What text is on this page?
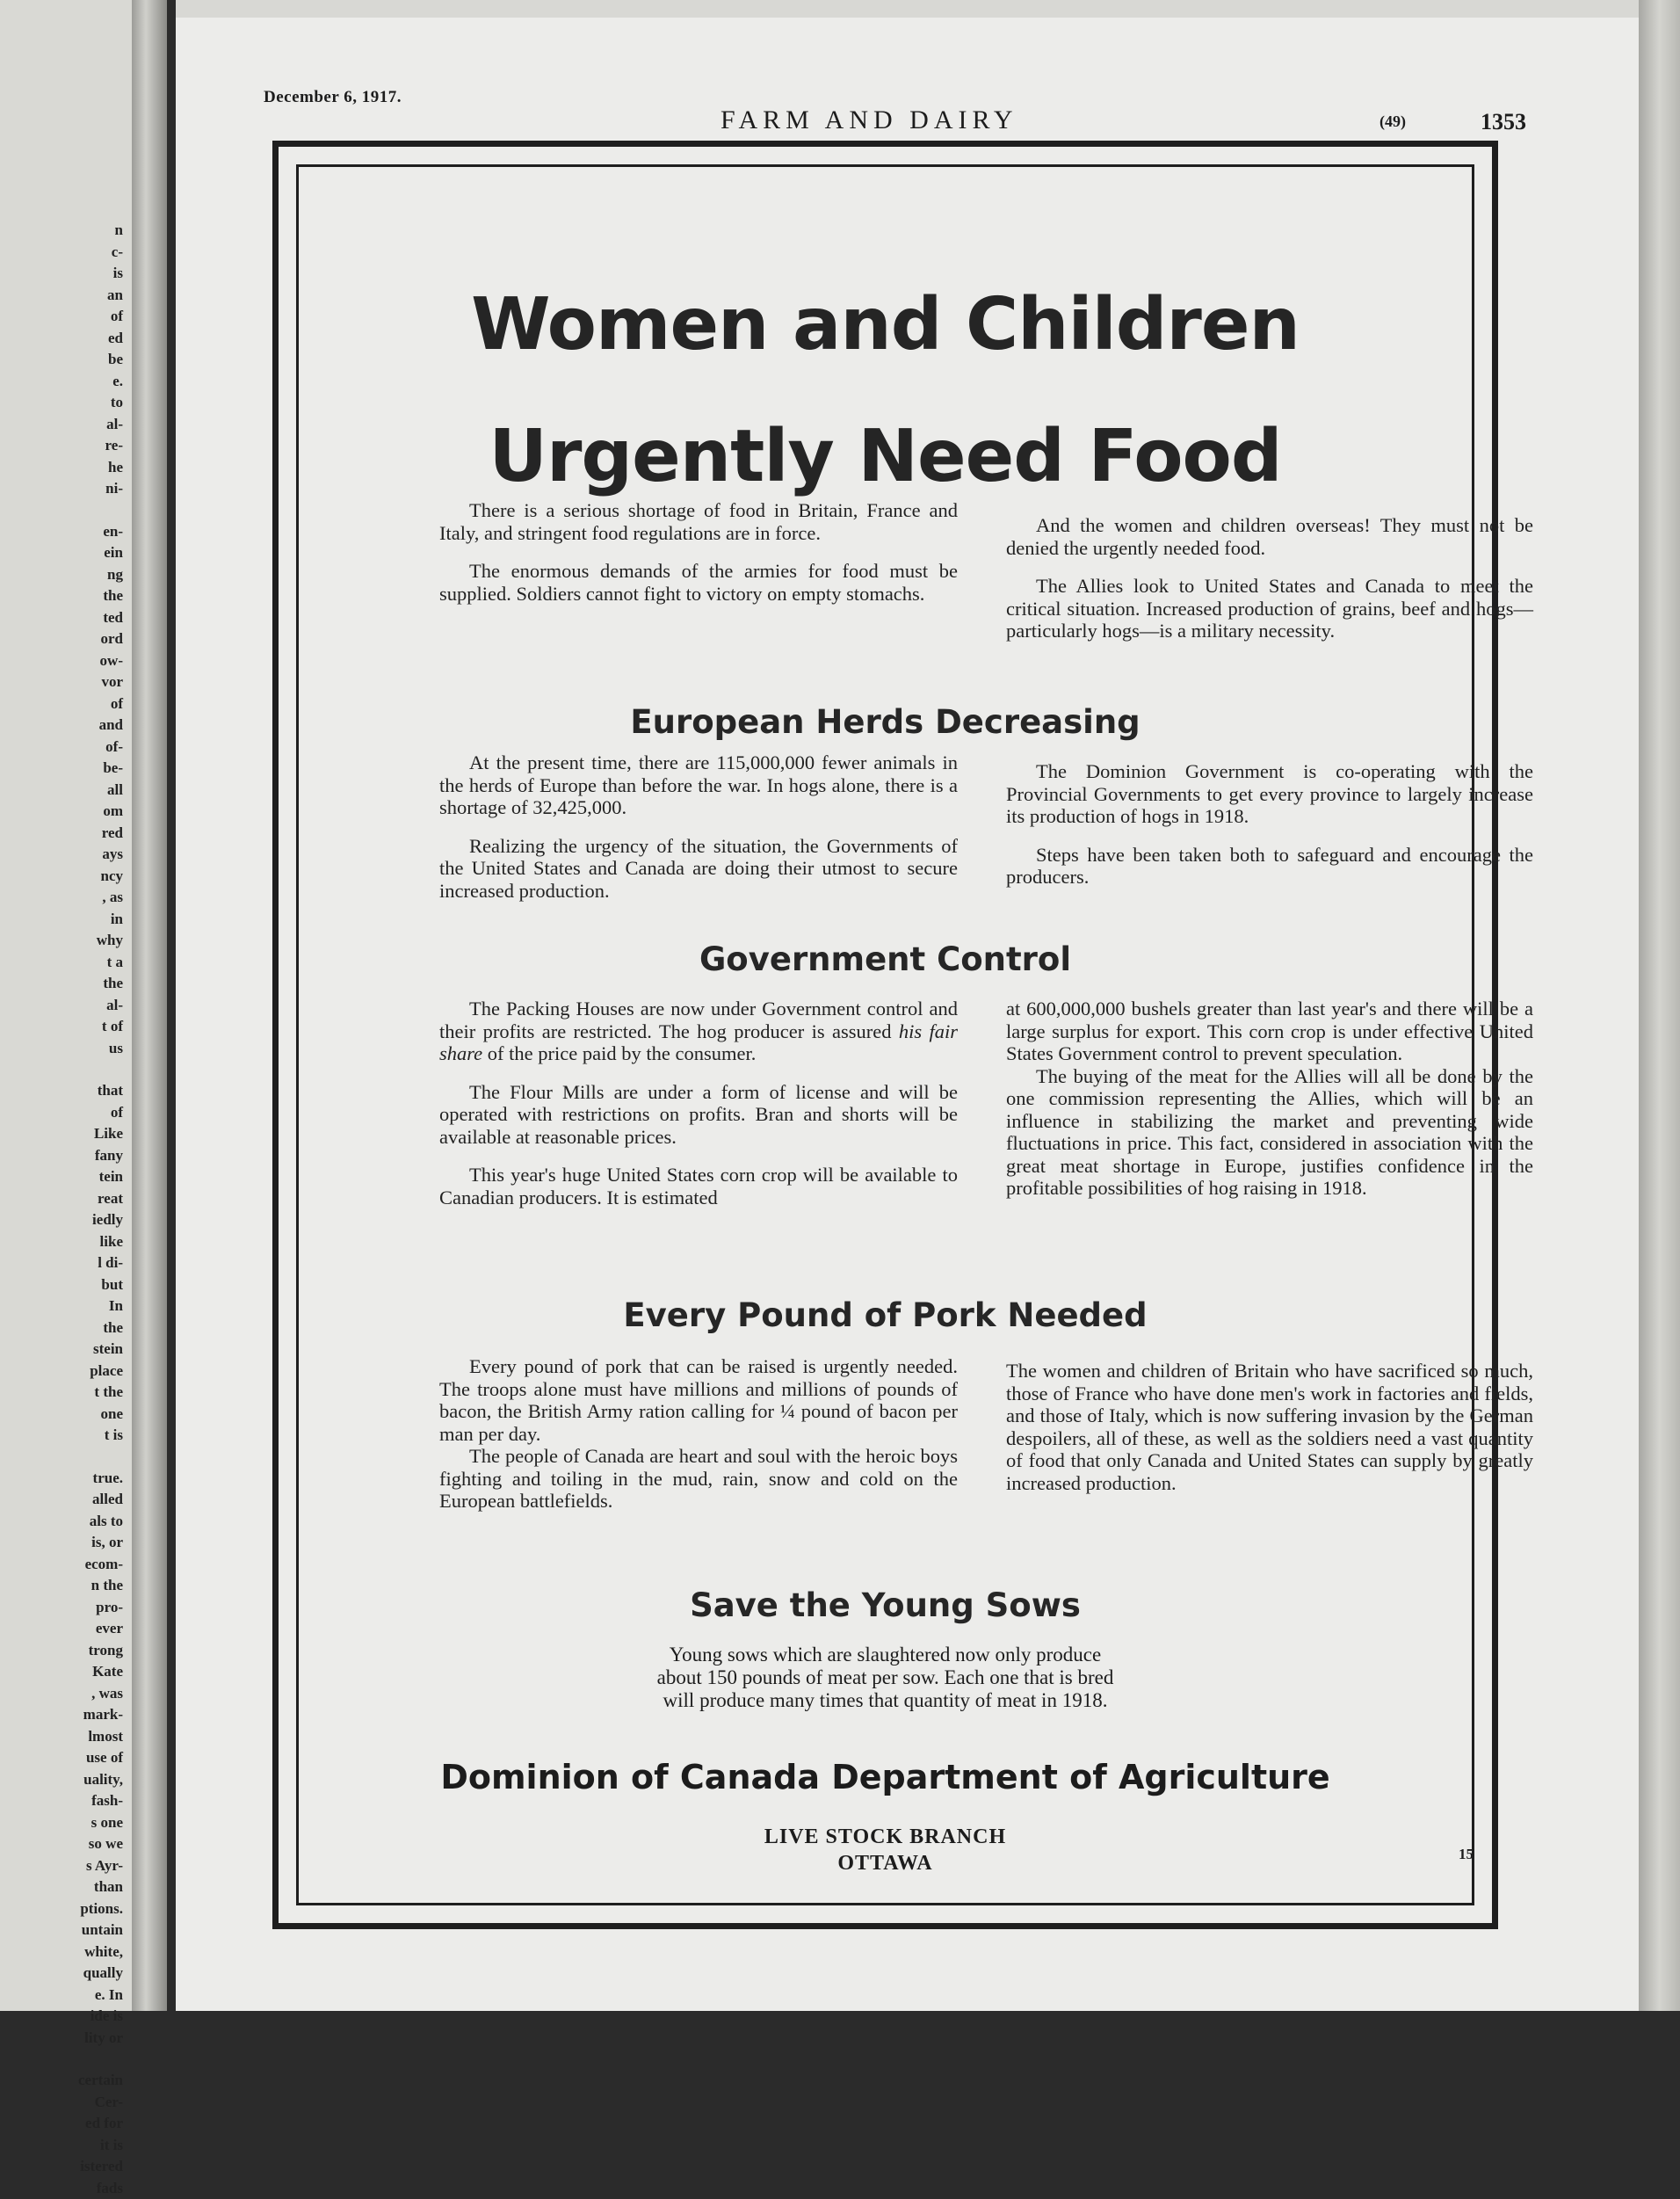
n
c-
is
an
of
ed
be
e.
to
al-
re-
he
ni-
en-
ein
ng
the
ted
ord
ow-
vor
of
and
of-
be-
all
om
red
ays
ncy
, as
in
why
t a
the
al-
t of
us
that
of
Like
fany
tein
reat
iedly
like
l di-
but
In
the
stein
place
t the
one
t is
true.
alled
als to
is, or
ecom-
n the
pro-
ever
trong
Kate
, was
mark-
lmost
use of
uality,
fash-
s one
so we
s Ayr-
than
ptions.
untain
white,
qually
e. In
ide is
lity or
certain
Cer-
ed for
it is
istered
fads
December 6, 1917.
FARM AND DAIRY	(49)	1353
Women and Children
Urgently Need Food

There is a serious shortage of food in Britain, France and Italy, and stringent food regulations are in force.

The enormous demands of the armies for food must be supplied. Soldiers cannot fight to victory on empty stomachs.

And the women and children overseas! They must not be denied the urgently needed food.

The Allies look to United States and Canada to meet the critical situation. Increased production of grains, beef and hogs—particularly hogs—is a military necessity.

European Herds Decreasing

At the present time, there are 115,000,000 fewer animals in the herds of Europe than before the war. In hogs alone, there is a shortage of 32,425,000.

Realizing the urgency of the situation, the Governments of the United States and Canada are doing their utmost to secure increased production.

The Dominion Government is co-operating with the Provincial Governments to get every province to largely increase its production of hogs in 1918.

Steps have been taken both to safeguard and encourage the producers.

Government Control

The Packing Houses are now under Government control and their profits are restricted. The hog producer is assured his fair share of the price paid by the consumer.

The Flour Mills are under a form of license and will be operated with restrictions on profits. Bran and shorts will be available at reasonable prices.

This year's huge United States corn crop will be available to Canadian producers. It is estimated

at 600,000,000 bushels greater than last year's and there will be a large surplus for export. This corn crop is under effective United States Government control to prevent speculation.

The buying of the meat for the Allies will all be done by the one commission representing the Allies, which will be an influence in stabilizing the market and preventing wide fluctuations in price. This fact, considered in association with the great meat shortage in Europe, justifies confidence in the profitable possibilities of hog raising in 1918.

Every Pound of Pork Needed

Every pound of pork that can be raised is urgently needed. The troops alone must have millions and millions of pounds of bacon, the British Army ration calling for ¼ pound of bacon per man per day.

The people of Canada are heart and soul with the heroic boys fighting and toiling in the mud, rain, snow and cold on the European battlefields.

The women and children of Britain who have sacrificed so much, those of France who have done men's work in factories and fields, and those of Italy, which is now suffering invasion by the German despoilers, all of these, as well as the soldiers need a vast quantity of food that only Canada and United States can supply by greatly increased production.

Save the Young Sows
Young sows which are slaughtered now only produce
about 150 pounds of meat per sow. Each one that is bred
will produce many times that quantity of meat in 1918.
Dominion of Canada Department of Agriculture
LIVE STOCK BRANCH
OTTAWA	15
